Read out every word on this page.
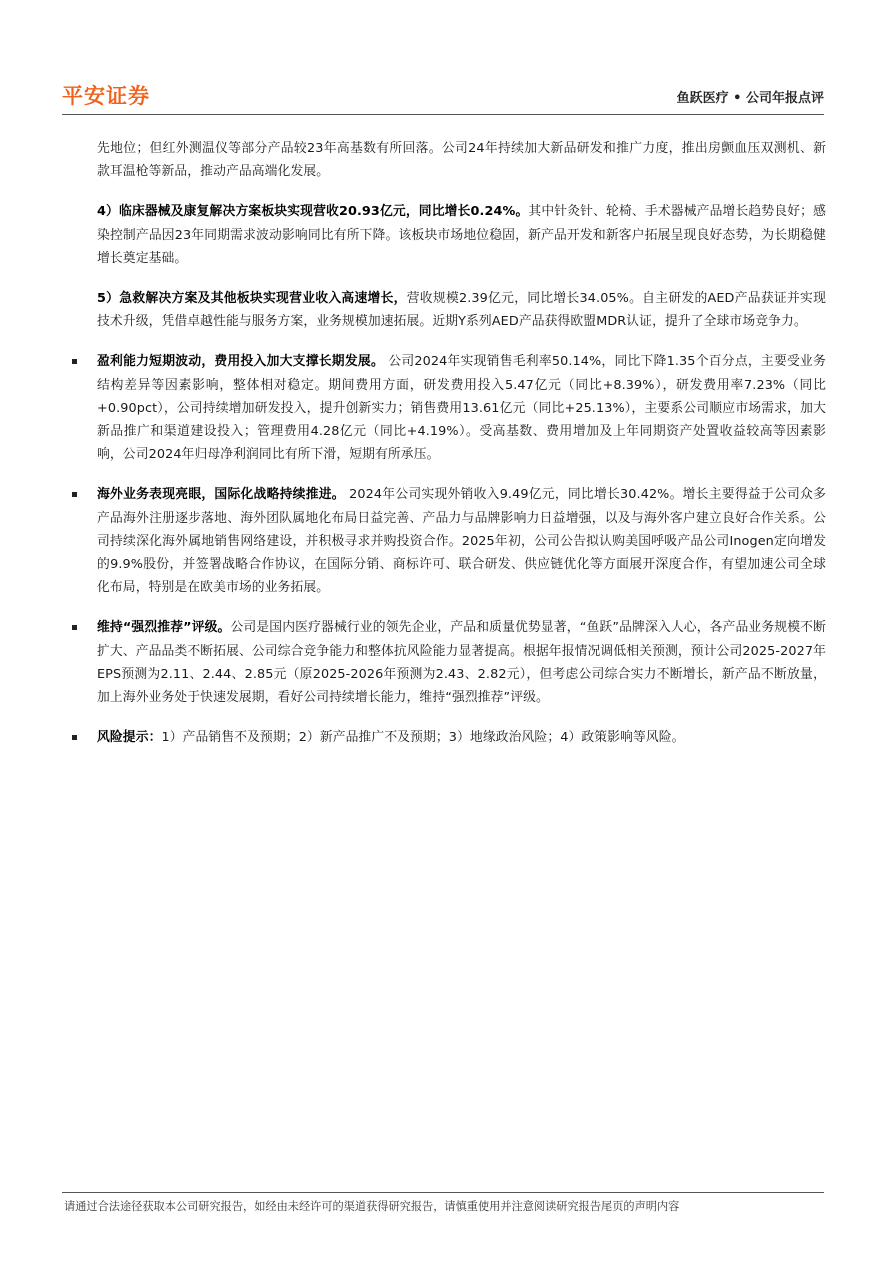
平安证券	鱼跃医疗 • 公司年报点评

先地位；但红外测温仪等部分产品较23年高基数有所回落。公司24年持续加大新品研发和推广力度，推出房颤血压双测机、新款耳温枪等新品，推动产品高端化发展。

4）临床器械及康复解决方案板块实现营收20.93亿元，同比增长0.24%。其中针灸针、轮椅、手术器械产品增长趋势良好；感染控制产品因23年同期需求波动影响同比有所下降。该板块市场地位稳固，新产品开发和新客户拓展呈现良好态势，为长期稳健增长奠定基础。

5）急救解决方案及其他板块实现营业收入高速增长，营收规模2.39亿元，同比增长34.05%。自主研发的AED产品获证并实现技术升级，凭借卓越性能与服务方案，业务规模加速拓展。近期Y系列AED产品获得欧盟MDR认证，提升了全球市场竞争力。

盈利能力短期波动，费用投入加大支撑长期发展。 公司2024年实现销售毛利率50.14%，同比下降1.35个百分点，主要受业务结构差异等因素影响，整体相对稳定。期间费用方面，研发费用投入5.47亿元（同比+8.39%），研发费用率7.23%（同比+0.90pct），公司持续增加研发投入，提升创新实力；销售费用13.61亿元（同比+25.13%），主要系公司顺应市场需求，加大新品推广和渠道建设投入；管理费用4.28亿元（同比+4.19%）。受高基数、费用增加及上年同期资产处置收益较高等因素影响，公司2024年归母净利润同比有所下滑，短期有所承压。

海外业务表现亮眼，国际化战略持续推进。 2024年公司实现外销收入9.49亿元，同比增长30.42%。增长主要得益于公司众多产品海外注册逐步落地、海外团队属地化布局日益完善、产品力与品牌影响力日益增强，以及与海外客户建立良好合作关系。公司持续深化海外属地销售网络建设，并积极寻求并购投资合作。2025年初，公司公告拟认购美国呼吸产品公司Inogen定向增发的9.9%股份，并签署战略合作协议，在国际分销、商标许可、联合研发、供应链优化等方面展开深度合作，有望加速公司全球化布局，特别是在欧美市场的业务拓展。

维持“强烈推荐”评级。公司是国内医疗器械行业的领先企业，产品和质量优势显著，“鱼跃”品牌深入人心，各产品业务规模不断扩大、产品品类不断拓展、公司综合竞争能力和整体抗风险能力显著提高。根据年报情况调低相关预测，预计公司2025-2027年EPS预测为2.11、2.44、2.85元（原2025-2026年预测为2.43、2.82元），但考虑公司综合实力不断增长，新产品不断放量，加上海外业务处于快速发展期，看好公司持续增长能力，维持“强烈推荐”评级。

风险提示：1）产品销售不及预期；2）新产品推广不及预期；3）地缘政治风险；4）政策影响等风险。

请通过合法途径获取本公司研究报告，如经由未经许可的渠道获得研究报告，请慎重使用并注意阅读研究报告尾页的声明内容
